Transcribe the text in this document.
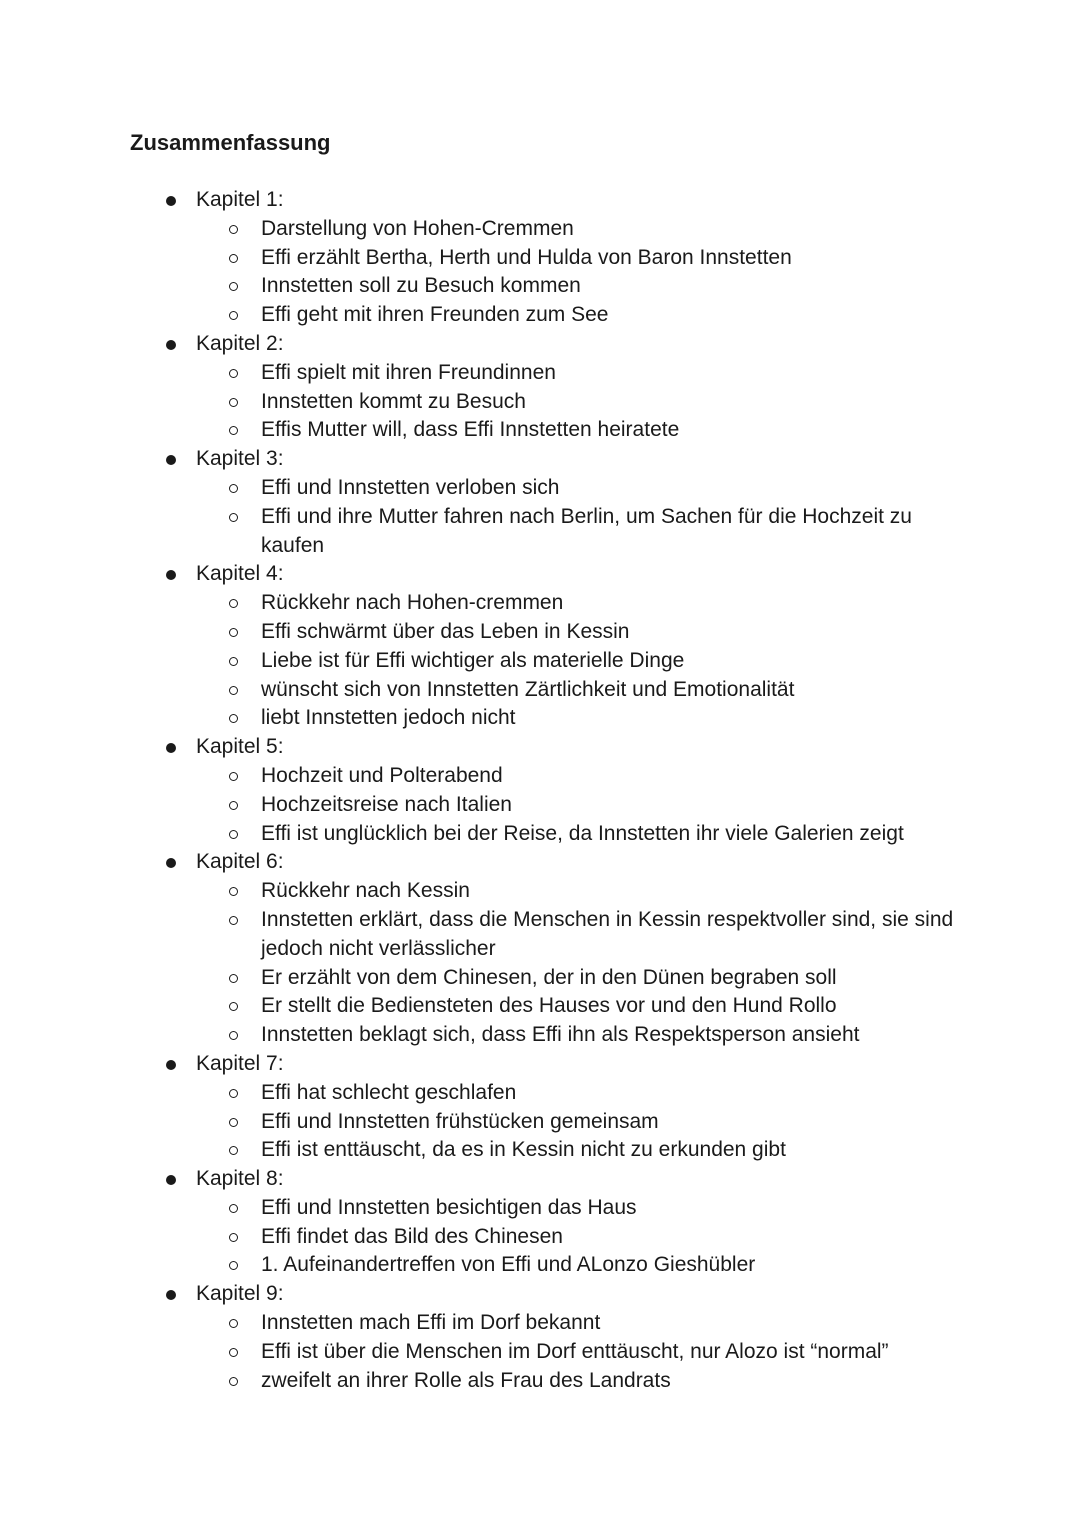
Zusammenfassung
Kapitel 1:
Darstellung von Hohen-Cremmen
Effi erzählt Bertha, Herth und Hulda von Baron Innstetten
Innstetten soll zu Besuch kommen
Effi geht mit ihren Freunden zum See
Kapitel 2:
Effi spielt mit ihren Freundinnen
Innstetten kommt zu Besuch
Effis Mutter will, dass Effi Innstetten heiratete
Kapitel 3:
Effi und Innstetten verloben sich
Effi und ihre Mutter fahren nach Berlin, um Sachen für die Hochzeit zu kaufen
Kapitel 4:
Rückkehr nach Hohen-cremmen
Effi schwärmt über das Leben in Kessin
Liebe ist für Effi wichtiger als materielle Dinge
wünscht sich von Innstetten Zärtlichkeit und Emotionalität
liebt Innstetten jedoch nicht
Kapitel 5:
Hochzeit und Polterabend
Hochzeitsreise nach Italien
Effi ist unglücklich bei der Reise, da Innstetten ihr viele Galerien zeigt
Kapitel 6:
Rückkehr nach Kessin
Innstetten erklärt, dass die Menschen in Kessin respektvoller sind, sie sind jedoch nicht verlässlicher
Er erzählt von dem Chinesen, der in den Dünen begraben soll
Er stellt die Bediensteten des Hauses vor und den Hund Rollo
Innstetten beklagt sich, dass Effi ihn als Respektsperson ansieht
Kapitel 7:
Effi hat schlecht geschlafen
Effi und Innstetten frühstücken gemeinsam
Effi ist enttäuscht, da es in Kessin nicht zu erkunden gibt
Kapitel 8:
Effi und Innstetten besichtigen das Haus
Effi findet das Bild des Chinesen
1. Aufeinandertreffen von Effi und ALonzo Gieshübler
Kapitel 9:
Innstetten mach Effi im Dorf bekannt
Effi ist über die Menschen im Dorf enttäuscht, nur Alozo ist “normal”
zweifelt an ihrer Rolle als Frau des Landrats
